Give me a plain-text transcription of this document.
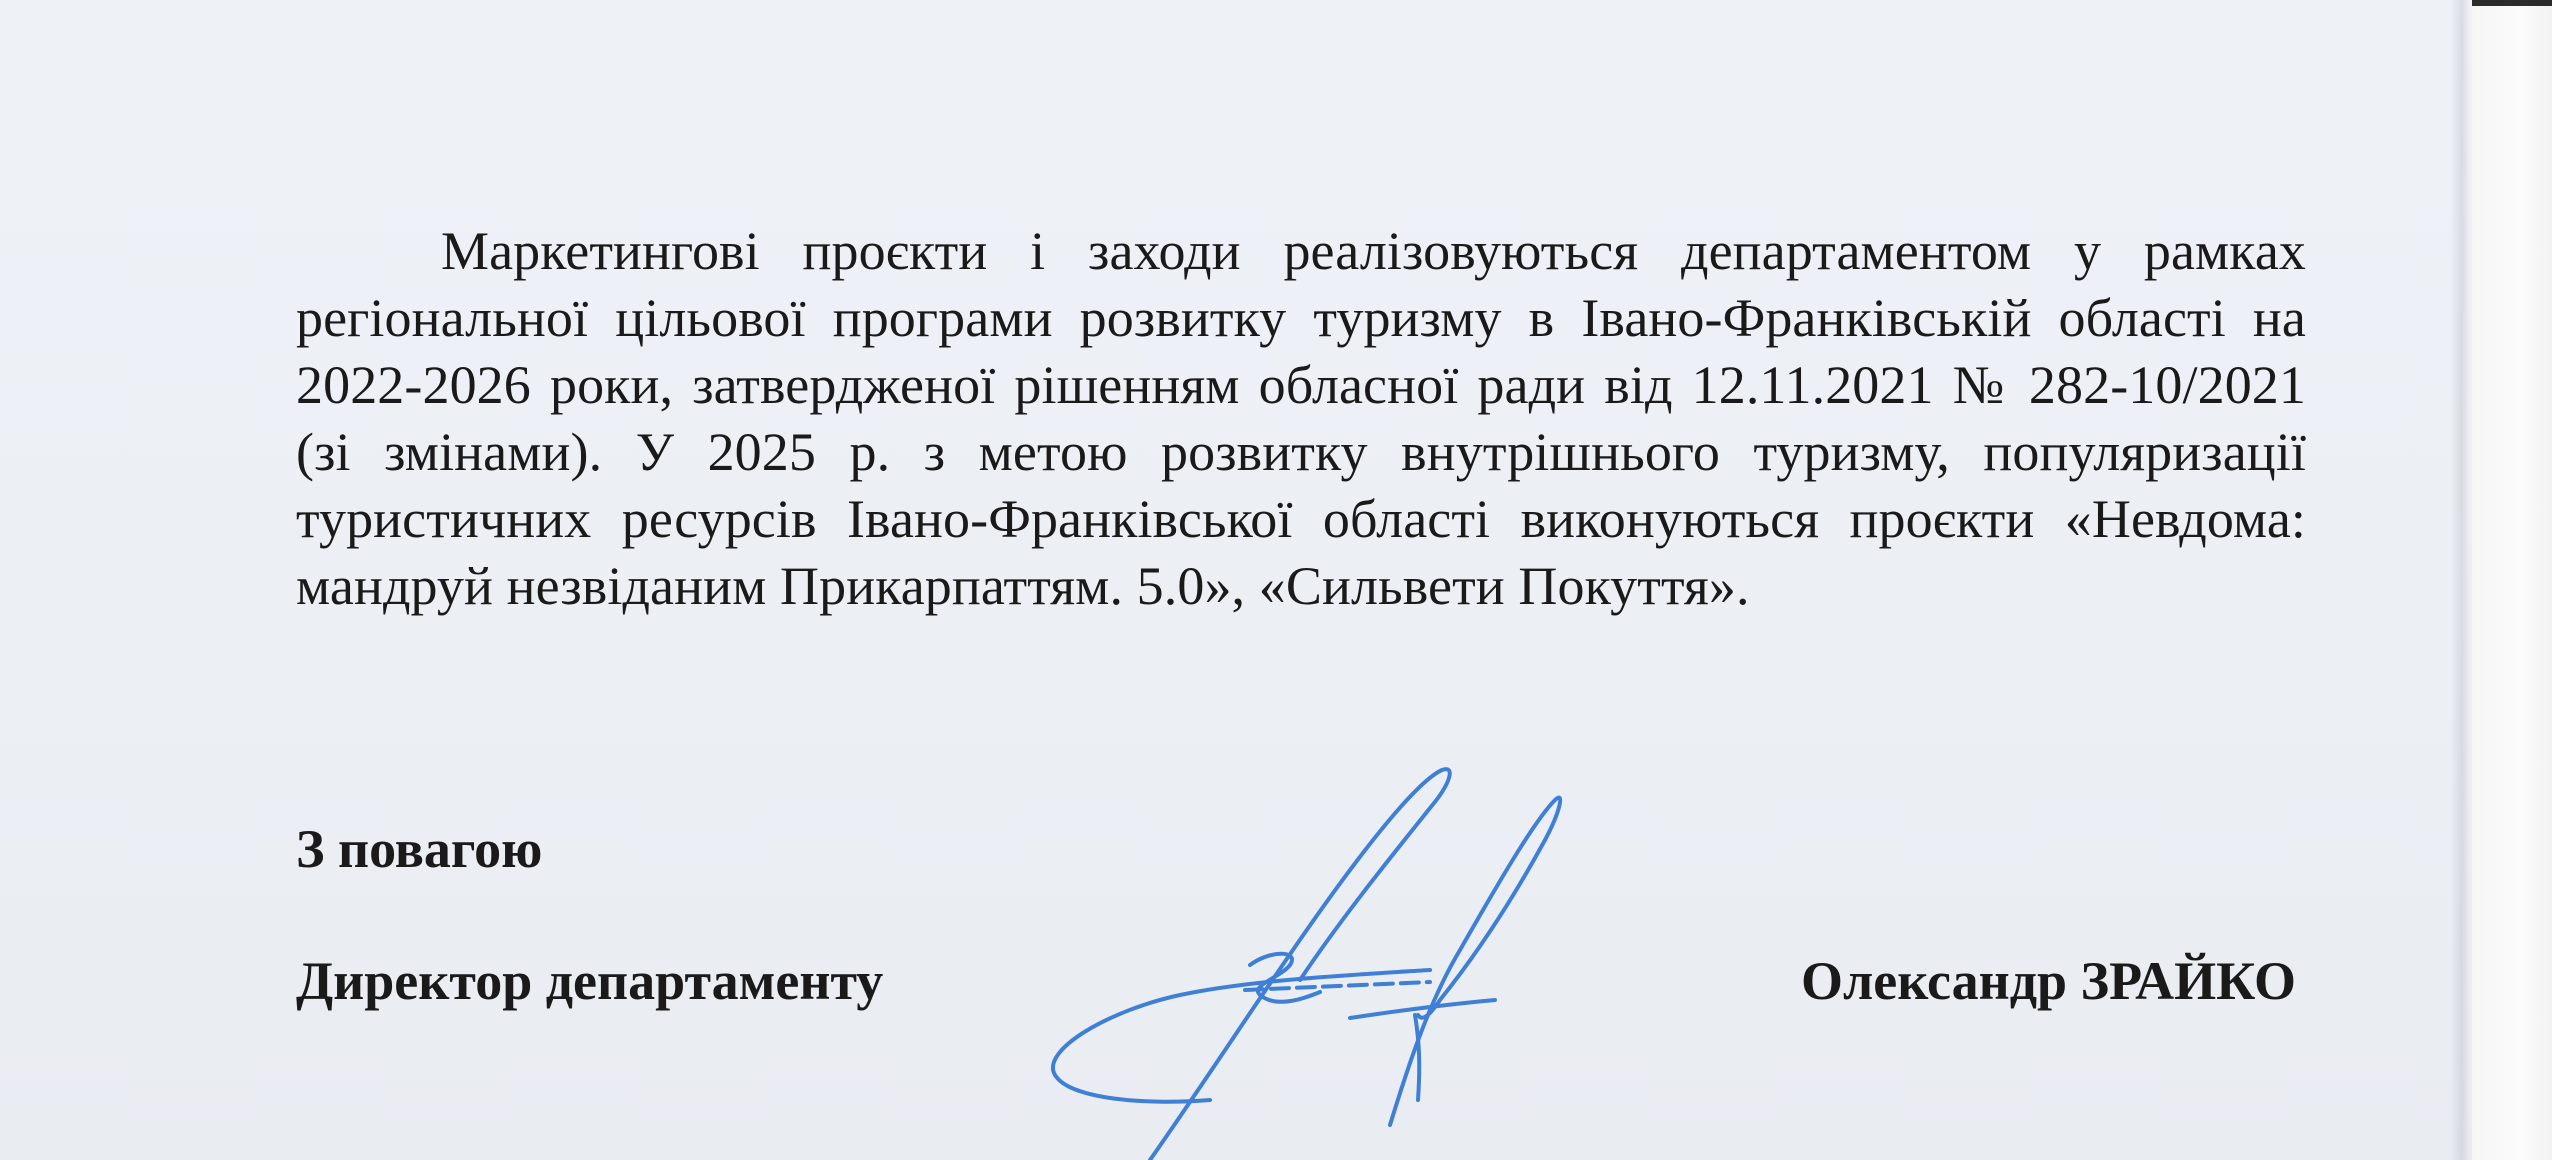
Маркетингові проєкти і заходи реалізовуються департаментом у рамках регіональної цільової програми розвитку туризму в Івано-Франківській області на 2022-2026 роки, затвердженої рішенням обласної ради від 12.11.2021 № 282-10/2021 (зі змінами). У 2025 р. з метою розвитку внутрішнього туризму, популяризації туристичних ресурсів Івано-Франківської області виконуються проєкти «Невдома: мандруй незвіданим Прикарпаттям. 5.0», «Сильвети Покуття».

З повагою
Директор департаменту	Олександр ЗРАЙКО
